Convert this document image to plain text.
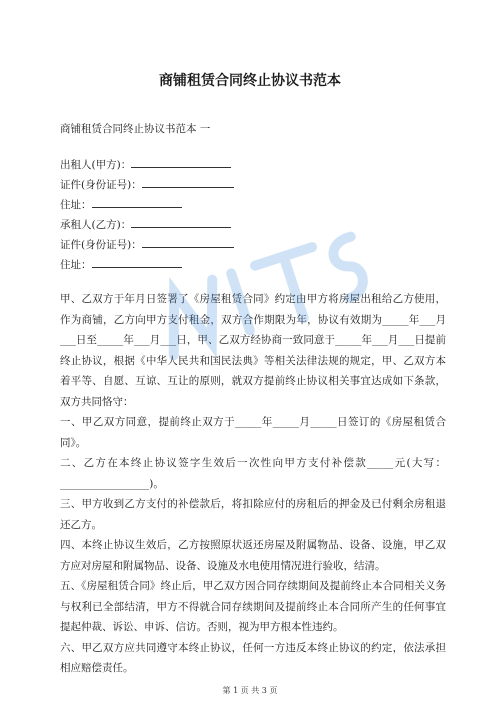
商铺租赁合同终止协议书范本
商铺租赁合同终止协议书范本 一
出租人(甲方)：
证件(身份证号)：
住址：
承租人(乙方)：
证件(身份证号)：
住址：

甲、乙双方于年月日签署了《房屋租赁合同》约定由甲方将房屋出租给乙方使用，作为商铺，乙方向甲方支付租金，双方合作期限为年，协议有效期为_____年___月___日至_____年___月___日，甲、乙双方经协商一致同意于_____年___月___日提前终止协议，根据《中华人民共和国民法典》等相关法律法规的规定，甲、乙双方本着平等、自愿、互谅、互让的原则，就双方提前终止协议相关事宜达成如下条款，双方共同恪守：

一、甲乙双方同意，提前终止双方于_____年_____月_____日签订的《房屋租赁合同》。

二、乙方在本终止协议签字生效后一次性向甲方支付补偿款_____元(大写：_________________)。

三、甲方收到乙方支付的补偿款后，将扣除应付的房租后的押金及已付剩余房租退还乙方。

四、本终止协议生效后，乙方按照原状返还房屋及附属物品、设备、设施，甲乙双方应对房屋和附属物品、设备、设施及水电使用情况进行验收，结清。

五、《房屋租赁合同》终止后，甲乙双方因合同存续期间及提前终止本合同相关义务与权利已全部结清，甲方不得就合同存续期间及提前终止本合同所产生的任何事宜提起仲裁、诉讼、申诉、信访。否则，视为甲方根本性违约。

六、甲乙双方应共同遵守本终止协议，任何一方违反本终止协议的约定，依法承担相应赔偿责任。

第 1 页 共 3 页
